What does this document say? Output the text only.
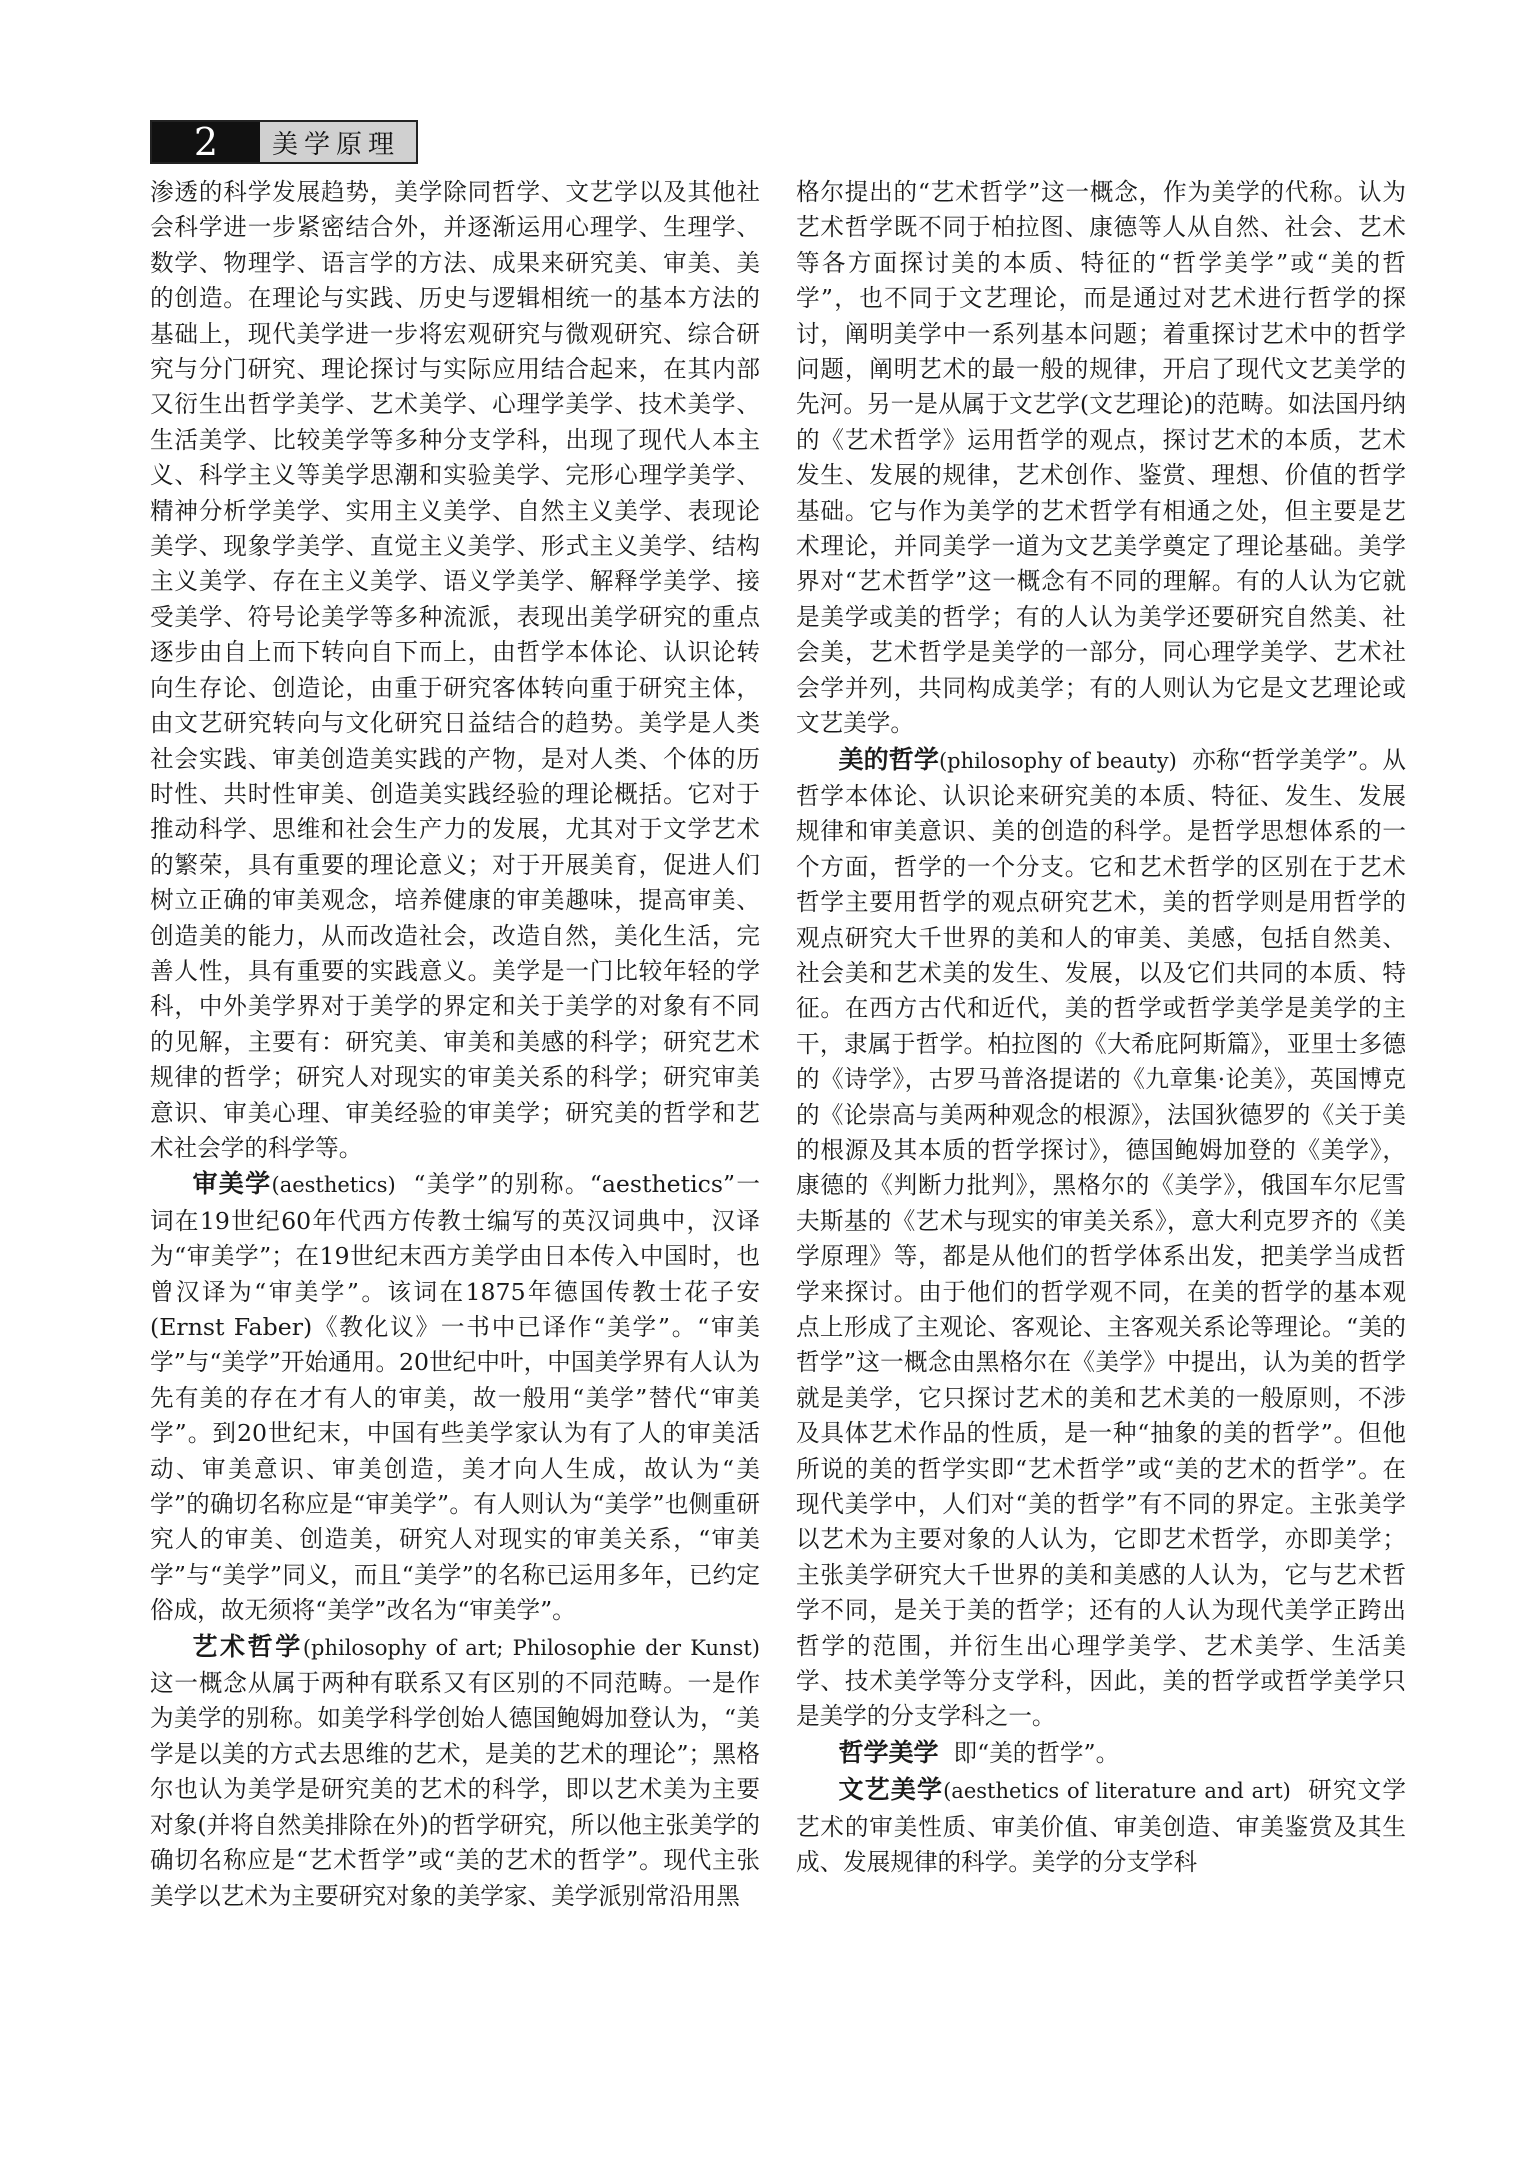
2	美学原理

渗透的科学发展趋势，美学除同哲学、文艺学以及其他社会科学进一步紧密结合外，并逐渐运用心理学、生理学、数学、物理学、语言学的方法、成果来研究美、审美、美的创造。在理论与实践、历史与逻辑相统一的基本方法的基础上，现代美学进一步将宏观研究与微观研究、综合研究与分门研究、理论探讨与实际应用结合起来，在其内部又衍生出哲学美学、艺术美学、心理学美学、技术美学、生活美学、比较美学等多种分支学科，出现了现代人本主义、科学主义等美学思潮和实验美学、完形心理学美学、精神分析学美学、实用主义美学、自然主义美学、表现论美学、现象学美学、直觉主义美学、形式主义美学、结构主义美学、存在主义美学、语义学美学、解释学美学、接受美学、符号论美学等多种流派，表现出美学研究的重点逐步由自上而下转向自下而上，由哲学本体论、认识论转向生存论、创造论，由重于研究客体转向重于研究主体，由文艺研究转向与文化研究日益结合的趋势。美学是人类社会实践、审美创造美实践的产物，是对人类、个体的历时性、共时性审美、创造美实践经验的理论概括。它对于推动科学、思维和社会生产力的发展，尤其对于文学艺术的繁荣，具有重要的理论意义；对于开展美育，促进人们树立正确的审美观念，培养健康的审美趣味，提高审美、创造美的能力，从而改造社会，改造自然，美化生活，完善人性，具有重要的实践意义。美学是一门比较年轻的学科，中外美学界对于美学的界定和关于美学的对象有不同的见解，主要有：研究美、审美和美感的科学；研究艺术规律的哲学；研究人对现实的审美关系的科学；研究审美意识、审美心理、审美经验的审美学；研究美的哲学和艺术社会学的科学等。

审美学(aesthetics) “美学”的别称。“aesthetics”一词在19世纪60年代西方传教士编写的英汉词典中，汉译为“审美学”；在19世纪末西方美学由日本传入中国时，也曾汉译为“审美学”。该词在1875年德国传教士花子安(Ernst Faber)《教化议》一书中已译作“美学”。“审美学”与“美学”开始通用。20世纪中叶，中国美学界有人认为先有美的存在才有人的审美，故一般用“美学”替代“审美学”。到20世纪末，中国有些美学家认为有了人的审美活动、审美意识、审美创造，美才向人生成，故认为“美学”的确切名称应是“审美学”。有人则认为“美学”也侧重研究人的审美、创造美，研究人对现实的审美关系，“审美学”与“美学”同义，而且“美学”的名称已运用多年，已约定俗成，故无须将“美学”改名为“审美学”。

艺术哲学(philosophy of art; Philosophie der Kunst)这一概念从属于两种有联系又有区别的不同范畴。一是作为美学的别称。如美学科学创始人德国鲍姆加登认为，“美学是以美的方式去思维的艺术，是美的艺术的理论”；黑格尔也认为美学是研究美的艺术的科学，即以艺术美为主要对象(并将自然美排除在外)的哲学研究，所以他主张美学的确切名称应是“艺术哲学”或“美的艺术的哲学”。现代主张美学以艺术为主要研究对象的美学家、美学派别常沿用黑

格尔提出的“艺术哲学”这一概念，作为美学的代称。认为艺术哲学既不同于柏拉图、康德等人从自然、社会、艺术等各方面探讨美的本质、特征的“哲学美学”或“美的哲学”，也不同于文艺理论，而是通过对艺术进行哲学的探讨，阐明美学中一系列基本问题；着重探讨艺术中的哲学问题，阐明艺术的最一般的规律，开启了现代文艺美学的先河。另一是从属于文艺学(文艺理论)的范畴。如法国丹纳的《艺术哲学》运用哲学的观点，探讨艺术的本质，艺术发生、发展的规律，艺术创作、鉴赏、理想、价值的哲学基础。它与作为美学的艺术哲学有相通之处，但主要是艺术理论，并同美学一道为文艺美学奠定了理论基础。美学界对“艺术哲学”这一概念有不同的理解。有的人认为它就是美学或美的哲学；有的人认为美学还要研究自然美、社会美，艺术哲学是美学的一部分，同心理学美学、艺术社会学并列，共同构成美学；有的人则认为它是文艺理论或文艺美学。

美的哲学(philosophy of beauty) 亦称“哲学美学”。从哲学本体论、认识论来研究美的本质、特征、发生、发展规律和审美意识、美的创造的科学。是哲学思想体系的一个方面，哲学的一个分支。它和艺术哲学的区别在于艺术哲学主要用哲学的观点研究艺术，美的哲学则是用哲学的观点研究大千世界的美和人的审美、美感，包括自然美、社会美和艺术美的发生、发展，以及它们共同的本质、特征。在西方古代和近代，美的哲学或哲学美学是美学的主干，隶属于哲学。柏拉图的《大希庇阿斯篇》，亚里士多德的《诗学》，古罗马普洛提诺的《九章集·论美》，英国博克的《论崇高与美两种观念的根源》，法国狄德罗的《关于美的根源及其本质的哲学探讨》，德国鲍姆加登的《美学》，康德的《判断力批判》，黑格尔的《美学》，俄国车尔尼雪夫斯基的《艺术与现实的审美关系》，意大利克罗齐的《美学原理》等，都是从他们的哲学体系出发，把美学当成哲学来探讨。由于他们的哲学观不同，在美的哲学的基本观点上形成了主观论、客观论、主客观关系论等理论。“美的哲学”这一概念由黑格尔在《美学》中提出，认为美的哲学就是美学，它只探讨艺术的美和艺术美的一般原则，不涉及具体艺术作品的性质，是一种“抽象的美的哲学”。但他所说的美的哲学实即“艺术哲学”或“美的艺术的哲学”。在现代美学中，人们对“美的哲学”有不同的界定。主张美学以艺术为主要对象的人认为，它即艺术哲学，亦即美学；主张美学研究大千世界的美和美感的人认为，它与艺术哲学不同，是关于美的哲学；还有的人认为现代美学正跨出哲学的范围，并衍生出心理学美学、艺术美学、生活美学、技术美学等分支学科，因此，美的哲学或哲学美学只是美学的分支学科之一。

哲学美学 即“美的哲学”。

文艺美学(aesthetics of literature and art) 研究文学艺术的审美性质、审美价值、审美创造、审美鉴赏及其生成、发展规律的科学。美学的分支学科
